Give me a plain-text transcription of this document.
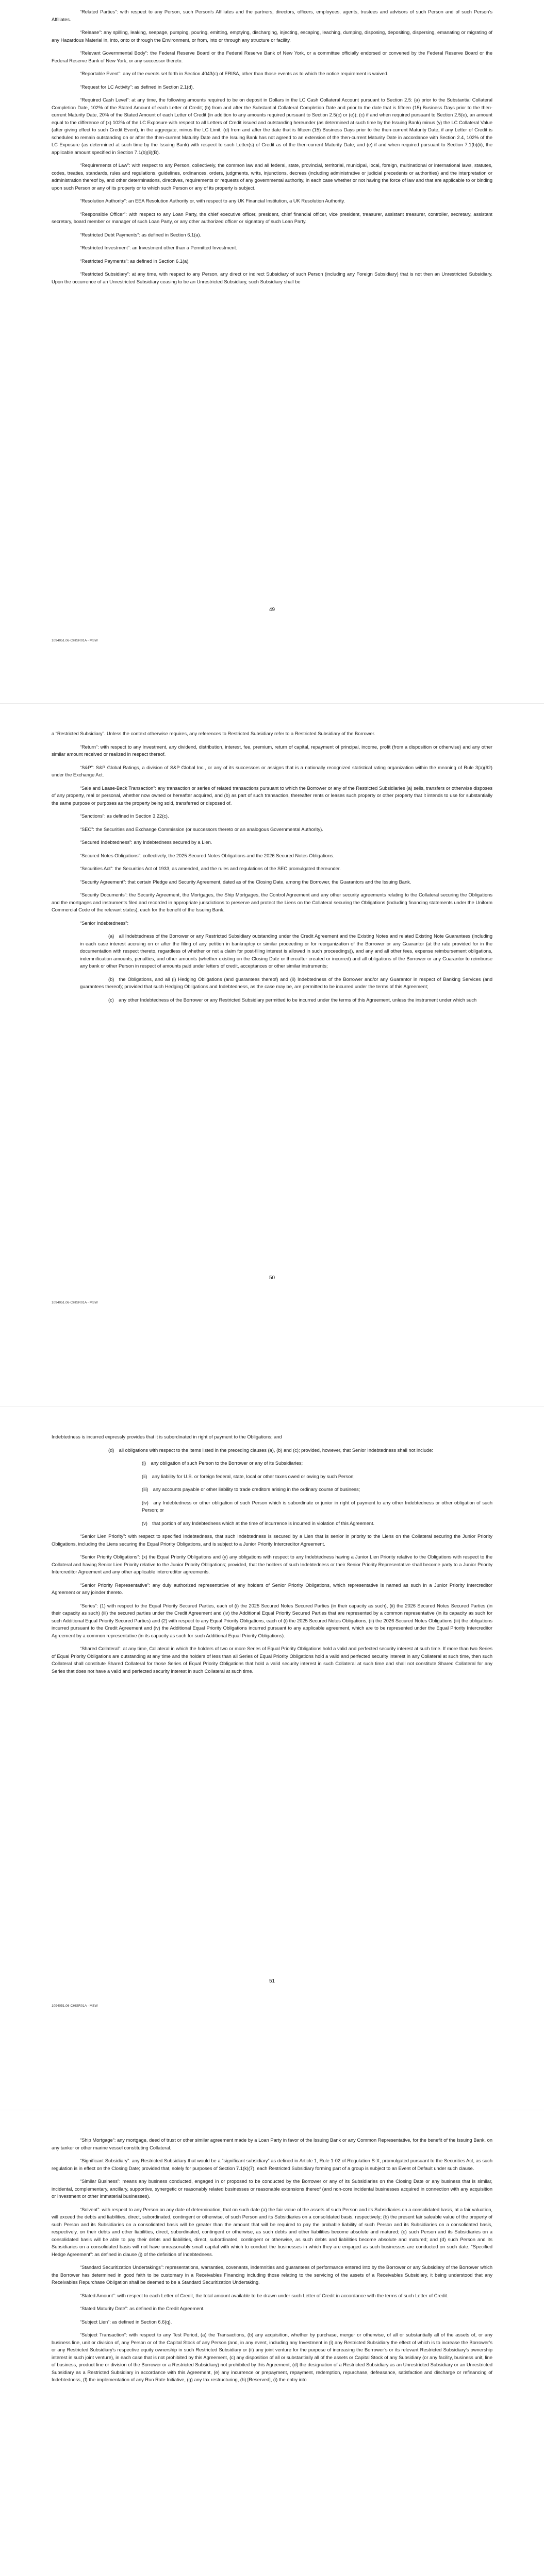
“Related Parties”: with respect to any Person, such Person’s Affiliates and the partners, directors, officers, employees, agents, trustees and advisors of such Person and of such Person’s Affiliates.

“Release”: any spilling, leaking, seepage, pumping, pouring, emitting, emptying, discharging, injecting, escaping, leaching, dumping, disposing, depositing, dispersing, emanating or migrating of any Hazardous Material in, into, onto or through the Environment, or from, into or through any structure or facility.

“Relevant Governmental Body”: the Federal Reserve Board or the Federal Reserve Bank of New York, or a committee officially endorsed or convened by the Federal Reserve Board or the Federal Reserve Bank of New York, or any successor thereto.

“Reportable Event”: any of the events set forth in Section 4043(c) of ERISA, other than those events as to which the notice requirement is waived.

“Request for LC Activity”: as defined in Section 2.1(d).

“Required Cash Level”: at any time, the following amounts required to be on deposit in Dollars in the LC Cash Collateral Account pursuant to Section 2.5: (a) prior to the Substantial Collateral Completion Date, 102% of the Stated Amount of each Letter of Credit; (b) from and after the Substantial Collateral Completion Date and prior to the date that is fifteen (15) Business Days prior to the then-current Maturity Date, 20% of the Stated Amount of each Letter of Credit (in addition to any amounts required pursuant to Section 2.5(c) or (e)); (c) if and when required pursuant to Section 2.5(e), an amount equal to the difference of (x) 102% of the LC Exposure with respect to all Letters of Credit issued and outstanding hereunder (as determined at such time by the Issuing Bank) minus (y) the LC Collateral Value (after giving effect to such Credit Event), in the aggregate, minus the LC Limit; (d) from and after the date that is fifteen (15) Business Days prior to the then-current Maturity Date, if any Letter of Credit is scheduled to remain outstanding on or after the then-current Maturity Date and the Issuing Bank has not agreed to an extension of the then-current Maturity Date in accordance with Section 2.4, 102% of the LC Exposure (as determined at such time by the Issuing Bank) with respect to such Letter(s) of Credit as of the then-current Maturity Date; and (e) if and when required pursuant to Section 7.1(b)(ii), the applicable amount specified in Section 7.1(b)(ii)(B).

“Requirements of Law”: with respect to any Person, collectively, the common law and all federal, state, provincial, territorial, municipal, local, foreign, multinational or international laws, statutes, codes, treaties, standards, rules and regulations, guidelines, ordinances, orders, judgments, writs, injunctions, decrees (including administrative or judicial precedents or authorities) and the interpretation or administration thereof by, and other determinations, directives, requirements or requests of any governmental authority, in each case whether or not having the force of law and that are applicable to or binding upon such Person or any of its property or to which such Person or any of its property is subject.

“Resolution Authority”: an EEA Resolution Authority or, with respect to any UK Financial Institution, a UK Resolution Authority.

“Responsible Officer”: with respect to any Loan Party, the chief executive officer, president, chief financial officer, vice president, treasurer, assistant treasurer, controller, secretary, assistant secretary, board member or manager of such Loan Party, or any other authorized officer or signatory of such Loan Party.

“Restricted Debt Payments”: as defined in Section 6.1(a).

“Restricted Investment”: an Investment other than a Permitted Investment.

“Restricted Payments”: as defined in Section 6.1(a).

“Restricted Subsidiary”: at any time, with respect to any Person, any direct or indirect Subsidiary of such Person (including any Foreign Subsidiary) that is not then an Unrestricted Subsidiary. Upon the occurrence of an Unrestricted Subsidiary ceasing to be an Unrestricted Subsidiary, such Subsidiary shall be

49
1094051.06-CHISR01A - MSW

a “Restricted Subsidiary”. Unless the context otherwise requires, any references to Restricted Subsidiary refer to a Restricted Subsidiary of the Borrower.

“Return”: with respect to any Investment, any dividend, distribution, interest, fee, premium, return of capital, repayment of principal, income, profit (from a disposition or otherwise) and any other similar amount received or realized in respect thereof.

“S&P”: S&P Global Ratings, a division of S&P Global Inc., or any of its successors or assigns that is a nationally recognized statistical rating organization within the meaning of Rule 3(a)(62) under the Exchange Act.

“Sale and Lease-Back Transaction”: any transaction or series of related transactions pursuant to which the Borrower or any of the Restricted Subsidiaries (a) sells, transfers or otherwise disposes of any property, real or personal, whether now owned or hereafter acquired, and (b) as part of such transaction, thereafter rents or leases such property or other property that it intends to use for substantially the same purpose or purposes as the property being sold, transferred or disposed of.

“Sanctions”: as defined in Section 3.22(c).

“SEC”: the Securities and Exchange Commission (or successors thereto or an analogous Governmental Authority).

“Secured Indebtedness”: any Indebtedness secured by a Lien.

“Secured Notes Obligations”: collectively, the 2025 Secured Notes Obligations and the 2026 Secured Notes Obligations.

“Securities Act”: the Securities Act of 1933, as amended, and the rules and regulations of the SEC promulgated thereunder.

“Security Agreement”: that certain Pledge and Security Agreement, dated as of the Closing Date, among the Borrower, the Guarantors and the Issuing Bank.

“Security Documents”: the Security Agreement, the Mortgages, the Ship Mortgages, the Control Agreement and any other security agreements relating to the Collateral securing the Obligations and the mortgages and instruments filed and recorded in appropriate jurisdictions to preserve and protect the Liens on the Collateral securing the Obligations (including financing statements under the Uniform Commercial Code of the relevant states), each for the benefit of the Issuing Bank.

“Senior Indebtedness”:

(a) all Indebtedness of the Borrower or any Restricted Subsidiary outstanding under the Credit Agreement and the Existing Notes and related Existing Note Guarantees (including in each case interest accruing on or after the filing of any petition in bankruptcy or similar proceeding or for reorganization of the Borrower or any Guarantor (at the rate provided for in the documentation with respect thereto, regardless of whether or not a claim for post-filing interest is allowed in such proceedings)), and any and all other fees, expense reimbursement obligations, indemnification amounts, penalties, and other amounts (whether existing on the Closing Date or thereafter created or incurred) and all obligations of the Borrower or any Guarantor to reimburse any bank or other Person in respect of amounts paid under letters of credit, acceptances or other similar instruments;

(b) the Obligations, and all (i) Hedging Obligations (and guarantees thereof) and (ii) Indebtedness of the Borrower and/or any Guarantor in respect of Banking Services (and guarantees thereof); provided that such Hedging Obligations and Indebtedness, as the case may be, are permitted to be incurred under the terms of this Agreement;

(c) any other Indebtedness of the Borrower or any Restricted Subsidiary permitted to be incurred under the terms of this Agreement, unless the instrument under which such

50
1094051.06-CHISR01A - MSW

Indebtedness is incurred expressly provides that it is subordinated in right of payment to the Obligations; and

(d) all obligations with respect to the items listed in the preceding clauses (a), (b) and (c); provided, however, that Senior Indebtedness shall not include:

(i) any obligation of such Person to the Borrower or any of its Subsidiaries;

(ii) any liability for U.S. or foreign federal, state, local or other taxes owed or owing by such Person;

(iii) any accounts payable or other liability to trade creditors arising in the ordinary course of business;

(iv) any Indebtedness or other obligation of such Person which is subordinate or junior in right of payment to any other Indebtedness or other obligation of such Person; or

(v) that portion of any Indebtedness which at the time of incurrence is incurred in violation of this Agreement.

“Senior Lien Priority”: with respect to specified Indebtedness, that such Indebtedness is secured by a Lien that is senior in priority to the Liens on the Collateral securing the Junior Priority Obligations, including the Liens securing the Equal Priority Obligations, and is subject to a Junior Priority Intercreditor Agreement.

“Senior Priority Obligations”: (x) the Equal Priority Obligations and (y) any obligations with respect to any Indebtedness having a Junior Lien Priority relative to the Obligations with respect to the Collateral and having Senior Lien Priority relative to the Junior Priority Obligations; provided, that the holders of such Indebtedness or their Senior Priority Representative shall become party to a Junior Priority Intercreditor Agreement and any other applicable intercreditor agreements.

“Senior Priority Representative”: any duly authorized representative of any holders of Senior Priority Obligations, which representative is named as such in a Junior Priority Intercreditor Agreement or any joinder thereto.

“Series”: (1) with respect to the Equal Priority Secured Parties, each of (i) the 2025 Secured Notes Secured Parties (in their capacity as such), (ii) the 2026 Secured Notes Secured Parties (in their capacity as such) (iii) the secured parties under the Credit Agreement and (iv) the Additional Equal Priority Secured Parties that are represented by a common representative (in its capacity as such for such Additional Equal Priority Secured Parties) and (2) with respect to any Equal Priority Obligations, each of (i) the 2025 Secured Notes Obligations, (ii) the 2026 Secured Notes Obligations (iii) the obligations incurred pursuant to the Credit Agreement and (iv) the Additional Equal Priority Obligations incurred pursuant to any applicable agreement, which are to be represented under the Equal Priority Intercreditor Agreement by a common representative (in its capacity as such for such Additional Equal Priority Obligations).

“Shared Collateral”: at any time, Collateral in which the holders of two or more Series of Equal Priority Obligations hold a valid and perfected security interest at such time. If more than two Series of Equal Priority Obligations are outstanding at any time and the holders of less than all Series of Equal Priority Obligations hold a valid and perfected security interest in any Collateral at such time, then such Collateral shall constitute Shared Collateral for those Series of Equal Priority Obligations that hold a valid security interest in such Collateral at such time and shall not constitute Shared Collateral for any Series that does not have a valid and perfected security interest in such Collateral at such time.

51
1094051.06-CHISR01A - MSW

“Ship Mortgage”: any mortgage, deed of trust or other similar agreement made by a Loan Party in favor of the Issuing Bank or any Common Representative, for the benefit of the Issuing Bank, on any tanker or other marine vessel constituting Collateral.

“Significant Subsidiary”: any Restricted Subsidiary that would be a “significant subsidiary” as defined in Article 1, Rule 1-02 of Regulation S-X, promulgated pursuant to the Securities Act, as such regulation is in effect on the Closing Date; provided that, solely for purposes of Section 7.1(k)(7), each Restricted Subsidiary forming part of a group is subject to an Event of Default under such clause.

“Similar Business”: means any business conducted, engaged in or proposed to be conducted by the Borrower or any of its Subsidiaries on the Closing Date or any business that is similar, incidental, complementary, ancillary, supportive, synergetic or reasonably related businesses or reasonable extensions thereof (and non-core incidental businesses acquired in connection with any acquisition or Investment or other immaterial businesses).

“Solvent”: with respect to any Person on any date of determination, that on such date (a) the fair value of the assets of such Person and its Subsidiaries on a consolidated basis, at a fair valuation, will exceed the debts and liabilities, direct, subordinated, contingent or otherwise, of such Person and its Subsidiaries on a consolidated basis, respectively; (b) the present fair saleable value of the property of such Person and its Subsidiaries on a consolidated basis will be greater than the amount that will be required to pay the probable liability of such Person and its Subsidiaries on a consolidated basis, respectively, on their debts and other liabilities, direct, subordinated, contingent or otherwise, as such debts and other liabilities become absolute and matured; (c) such Person and its Subsidiaries on a consolidated basis will be able to pay their debts and liabilities, direct, subordinated, contingent or otherwise, as such debts and liabilities become absolute and matured; and (d) such Person and its Subsidiaries on a consolidated basis will not have unreasonably small capital with which to conduct the businesses in which they are engaged as such businesses are conducted on such date. “Specified Hedge Agreement”: as defined in clause (j) of the definition of Indebtedness.

“Standard Securitization Undertakings”: representations, warranties, covenants, indemnities and guarantees of performance entered into by the Borrower or any Subsidiary of the Borrower which the Borrower has determined in good faith to be customary in a Receivables Financing including those relating to the servicing of the assets of a Receivables Subsidiary, it being understood that any Receivables Repurchase Obligation shall be deemed to be a Standard Securitization Undertaking.

“Stated Amount”: with respect to each Letter of Credit, the total amount available to be drawn under such Letter of Credit in accordance with the terms of such Letter of Credit.

“Stated Maturity Date”: as defined in the Credit Agreement.

“Subject Lien”: as defined in Section 6.6(q).

“Subject Transaction”: with respect to any Test Period, (a) the Transactions, (b) any acquisition, whether by purchase, merger or otherwise, of all or substantially all of the assets of, or any business line, unit or division of, any Person or of the Capital Stock of any Person (and, in any event, including any Investment in (i) any Restricted Subsidiary the effect of which is to increase the Borrower’s or any Restricted Subsidiary’s respective equity ownership in such Restricted Subsidiary or (ii) any joint venture for the purpose of increasing the Borrower’s or its relevant Restricted Subsidiary’s ownership interest in such joint venture), in each case that is not prohibited by this Agreement, (c) any disposition of all or substantially all of the assets or Capital Stock of any Subsidiary (or any facility, business unit, line of business, product line or division of the Borrower or a Restricted Subsidiary) not prohibited by this Agreement, (d) the designation of a Restricted Subsidiary as an Unrestricted Subsidiary or an Unrestricted Subsidiary as a Restricted Subsidiary in accordance with this Agreement, (e) any incurrence or prepayment, repayment, redemption, repurchase, defeasance, satisfaction and discharge or refinancing of Indebtedness, (f) the implementation of any Run Rate Initiative, (g) any tax restructuring, (h) [Reserved], (i) the entry into
